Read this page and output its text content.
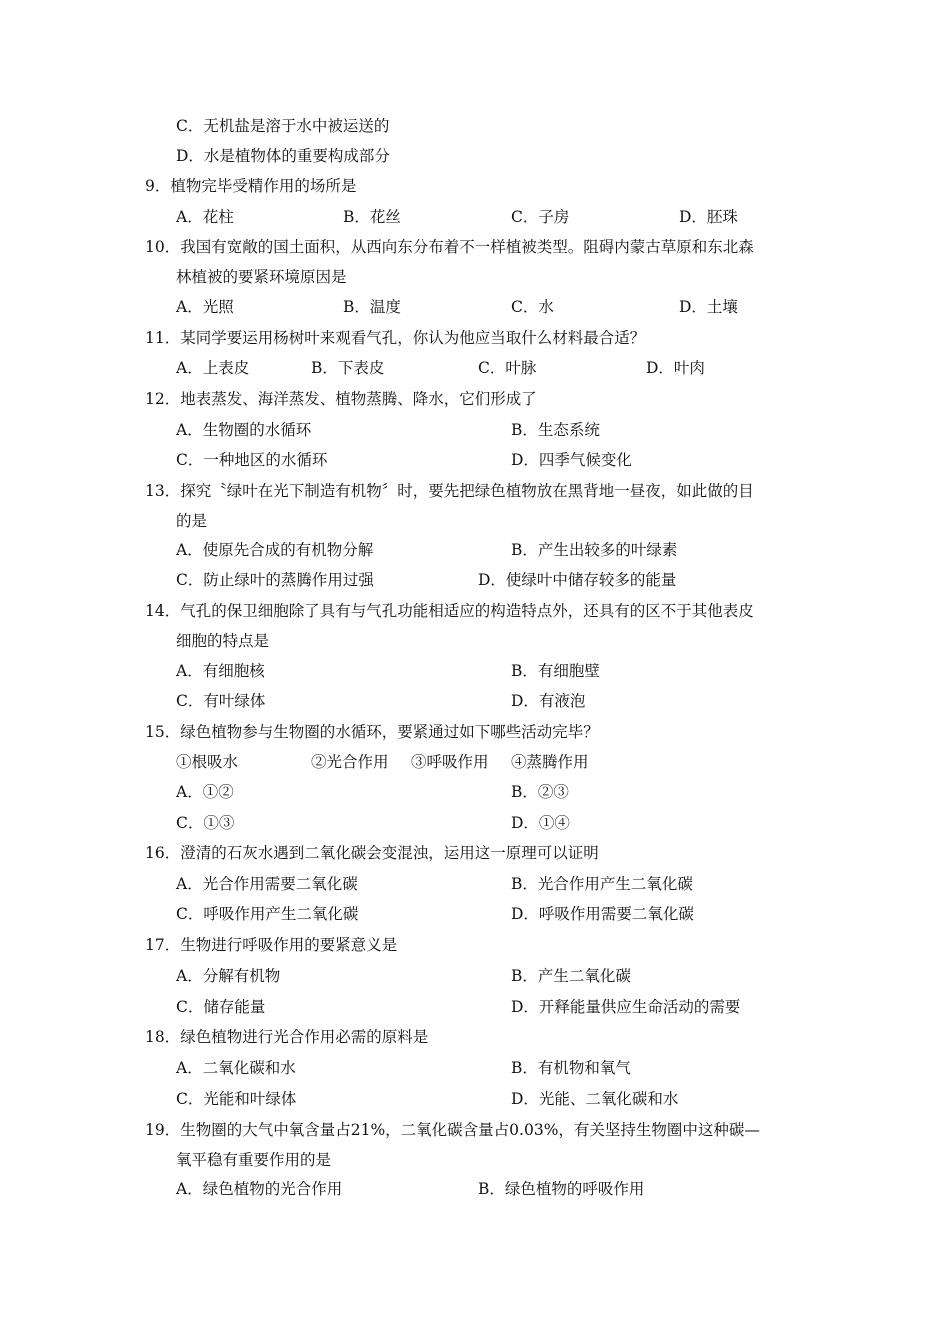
C．无机盐是溶于水中被运送的
D．水是植物体的重要构成部分
9．植物完毕受精作用的场所是
A．花柱	B．花丝	C．子房	D．胚珠
10．我国有宽敞的国土面积，从西向东分布着不一样植被类型。阻碍内蒙古草原和东北森
林植被的要紧环境原因是
A．光照	B．温度	C．水	D．土壤
11．某同学要运用杨树叶来观看气孔，你认为他应当取什么材料最合适？
A．上表皮	B．下表皮	C．叶脉	D．叶肉
12．地表蒸发、海洋蒸发、植物蒸腾、降水，它们形成了
A．生物圈的水循环	B．生态系统
C．一种地区的水循环	D．四季气候变化
13．探究〝绿叶在光下制造有机物〞时，要先把绿色植物放在黑背地一昼夜，如此做的目
的是
A．使原先合成的有机物分解	B．产生出较多的叶绿素
C．防止绿叶的蒸腾作用过强	D．使绿叶中储存较多的能量
14．气孔的保卫细胞除了具有与气孔功能相适应的构造特点外，还具有的区不于其他表皮
细胞的特点是
A．有细胞核	B．有细胞壁
C．有叶绿体	D．有液泡
15．绿色植物参与生物圈的水循环，要紧通过如下哪些活动完毕？
①根吸水	②光合作用 ③呼吸作用 ④蒸腾作用
A．①②	B．②③
C．①③	D．①④
16．澄清的石灰水遇到二氧化碳会变混浊，运用这一原理可以证明
A．光合作用需要二氧化碳	B．光合作用产生二氧化碳
C．呼吸作用产生二氧化碳	D．呼吸作用需要二氧化碳
17．生物进行呼吸作用的要紧意义是
A．分解有机物	B．产生二氧化碳
C．储存能量	D．开释能量供应生命活动的需要
18．绿色植物进行光合作用必需的原料是
A．二氧化碳和水	B．有机物和氧气
C．光能和叶绿体	D．光能、二氧化碳和水
19．生物圈的大气中氧含量占21%，二氧化碳含量占0.03%，有关坚持生物圈中这种碳—
氧平稳有重要作用的是
A．绿色植物的光合作用	B．绿色植物的呼吸作用
